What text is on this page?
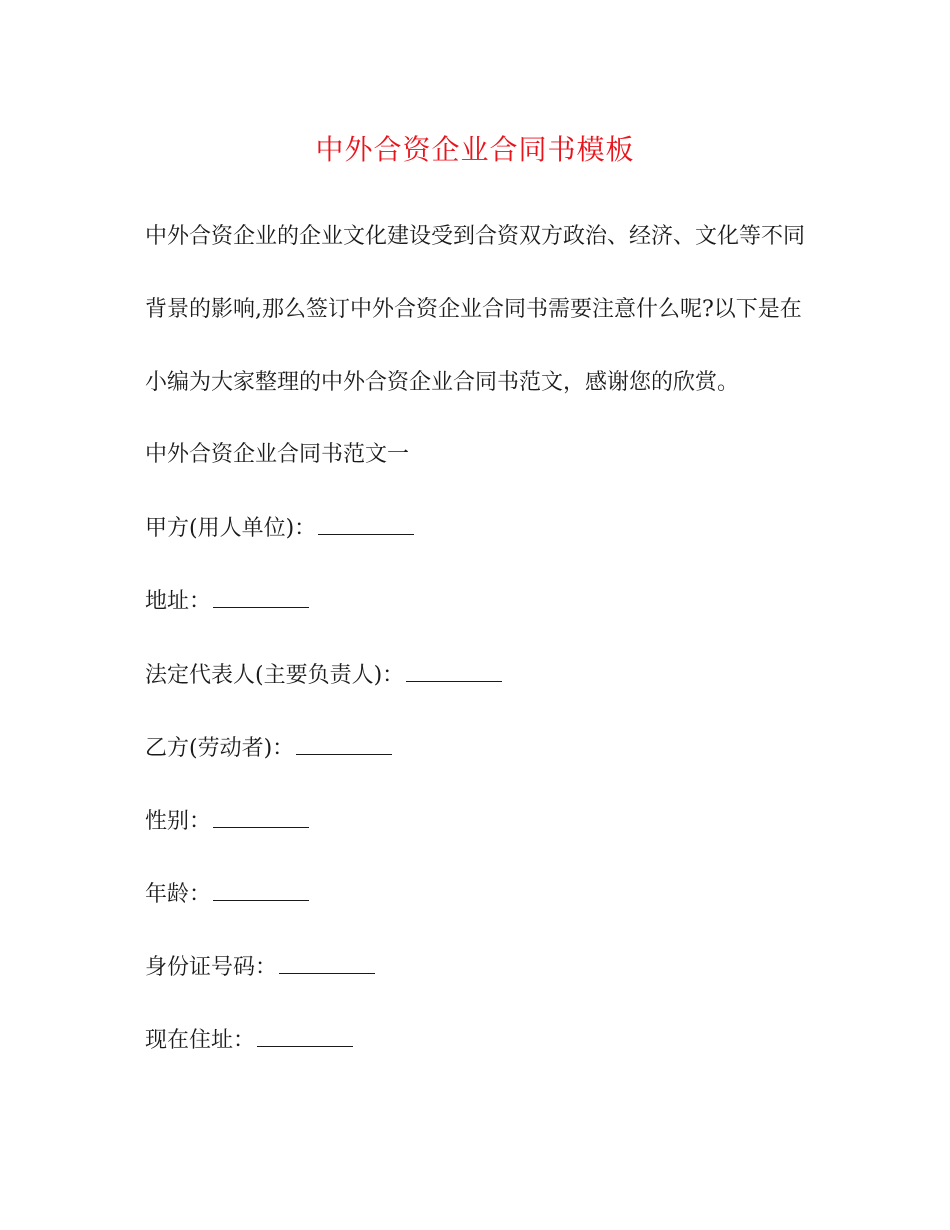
中外合资企业合同书模板
中外合资企业的企业文化建设受到合资双方政治、经济、文化等不同
背景的影响,那么签订中外合资企业合同书需要注意什么呢?以下是在
小编为大家整理的中外合资企业合同书范文，感谢您的欣赏。
中外合资企业合同书范文一
甲方(用人单位)：
地址：
法定代表人(主要负责人)：
乙方(劳动者)：
性别：
年龄：
身份证号码：
现在住址：
